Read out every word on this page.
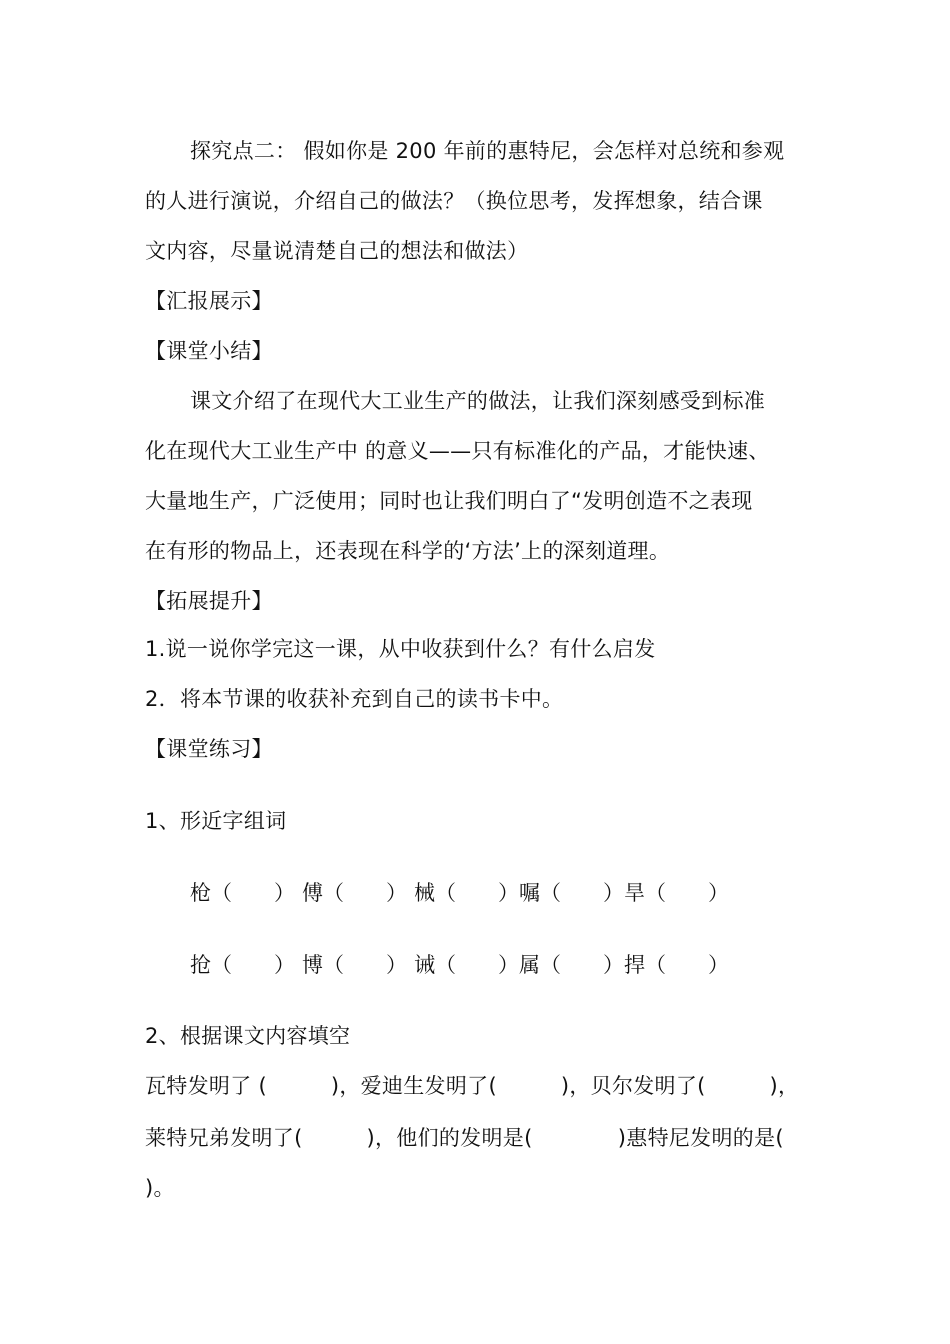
探究点二： 假如你是 200 年前的惠特尼，会怎样对总统和参观
的人进行演说，介绍自己的做法？（换位思考，发挥想象，结合课
文内容，尽量说清楚自己的想法和做法）
【汇报展示】
【课堂小结】
课文介绍了在现代大工业生产的做法，让我们深刻感受到标准
化在现代大工业生产中 的意义——只有标准化的产品，才能快速、
大量地生产，广泛使用；同时也让我们明白了“发明创造不之表现
在有形的物品上，还表现在科学的‘方法’上的深刻道理。
【拓展提升】
1.说一说你学完这一课，从中收获到什么？有什么启发
2．将本节课的收获补充到自己的读书卡中。
【课堂练习】
1、形近字组词
枪（　　） 傅（　　） 械（　　）嘱（　　）旱（　　）
抢（　　） 博（　　） 诫（　　）属（　　）捍（　　）
2、根据课文内容填空
瓦特发明了 (　　　)，爱迪生发明了(　　　)，贝尔发明了(　　　)，
莱特兄弟发明了(　　　)，他们的发明是(　　　　)惠特尼发明的是(
)。
